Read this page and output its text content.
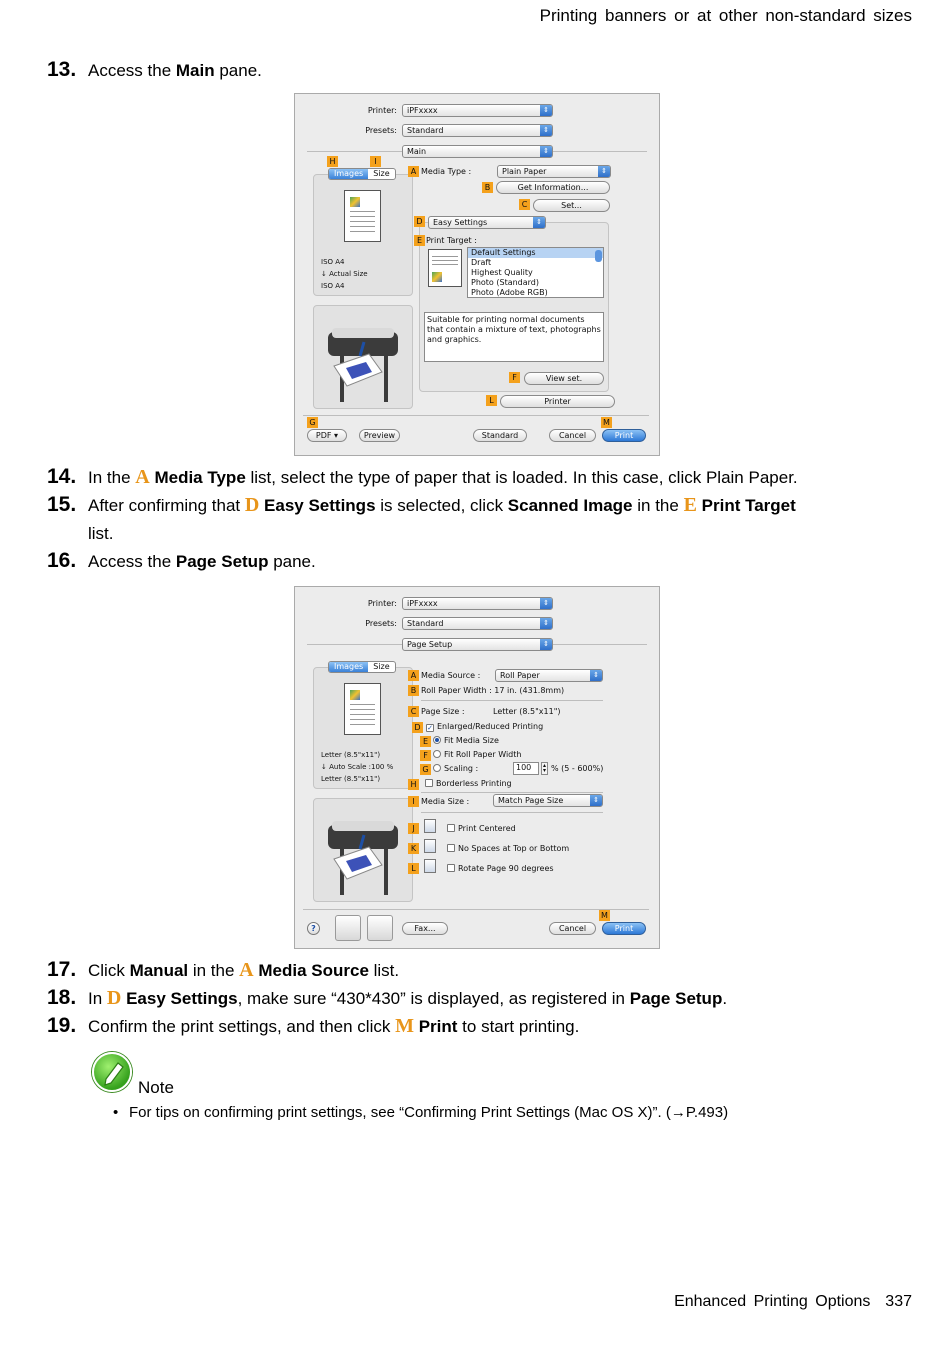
Printing banners or at other non-standard sizes
13. Access the Main pane.
Printer:	iPFxxxx	⇕
Presets:	Standard	⇕
Main	⇕
H	I
Images Size
ISO A4
↓ Actual Size
ISO A4
A Media Type :	Plain Paper	⇕
B	Get Information...
C	Set...
D	Easy Settings	⇕
E Print Target :
Default Settings
Draft
Highest Quality
Photo (Standard)
Photo (Adobe RGB)
Suitable for printing normal documents that contain a mixture of text, photographs and graphics.
F	View set.
L	Printer
G	M
PDF ▾	Preview	Standard	Cancel	Print
14. In the A Media Type list, select the type of paper that is loaded. In this case, click Plain Paper.
15. After confirming that D Easy Settings is selected, click Scanned Image in the E Print Target
list.
16. Access the Page Setup pane.
Printer:	iPFxxxx	⇕
Presets:	Standard	⇕
Page Setup	⇕
Images Size
Letter (8.5"x11")
↓ Auto Scale :100 %
Letter (8.5"x11")
A Media Source :	Roll Paper	⇕
B Roll Paper Width : 17 in. (431.8mm)
C Page Size :	Letter (8.5"x11")
D ✓ Enlarged/Reduced Printing
E	Fit Media Size
F	Fit Roll Paper Width
G	Scaling :	100	▴
▾ % (5 - 600%)
H	Borderless Printing
I Media Size :	Match Page Size	⇕
J	Print Centered
K	No Spaces at Top or Bottom
L	Rotate Page 90 degrees
M
?	Fax...	Cancel	Print
17. Click Manual in the A Media Source list.
18. In D Easy Settings, make sure “430*430” is displayed, as registered in Page Setup.
19. Confirm the print settings, and then click M Print to start printing.
Note
• For tips on confirming print settings, see “Confirming Print Settings (Mac OS X)”. (→P.493)
Enhanced Printing Options 337
